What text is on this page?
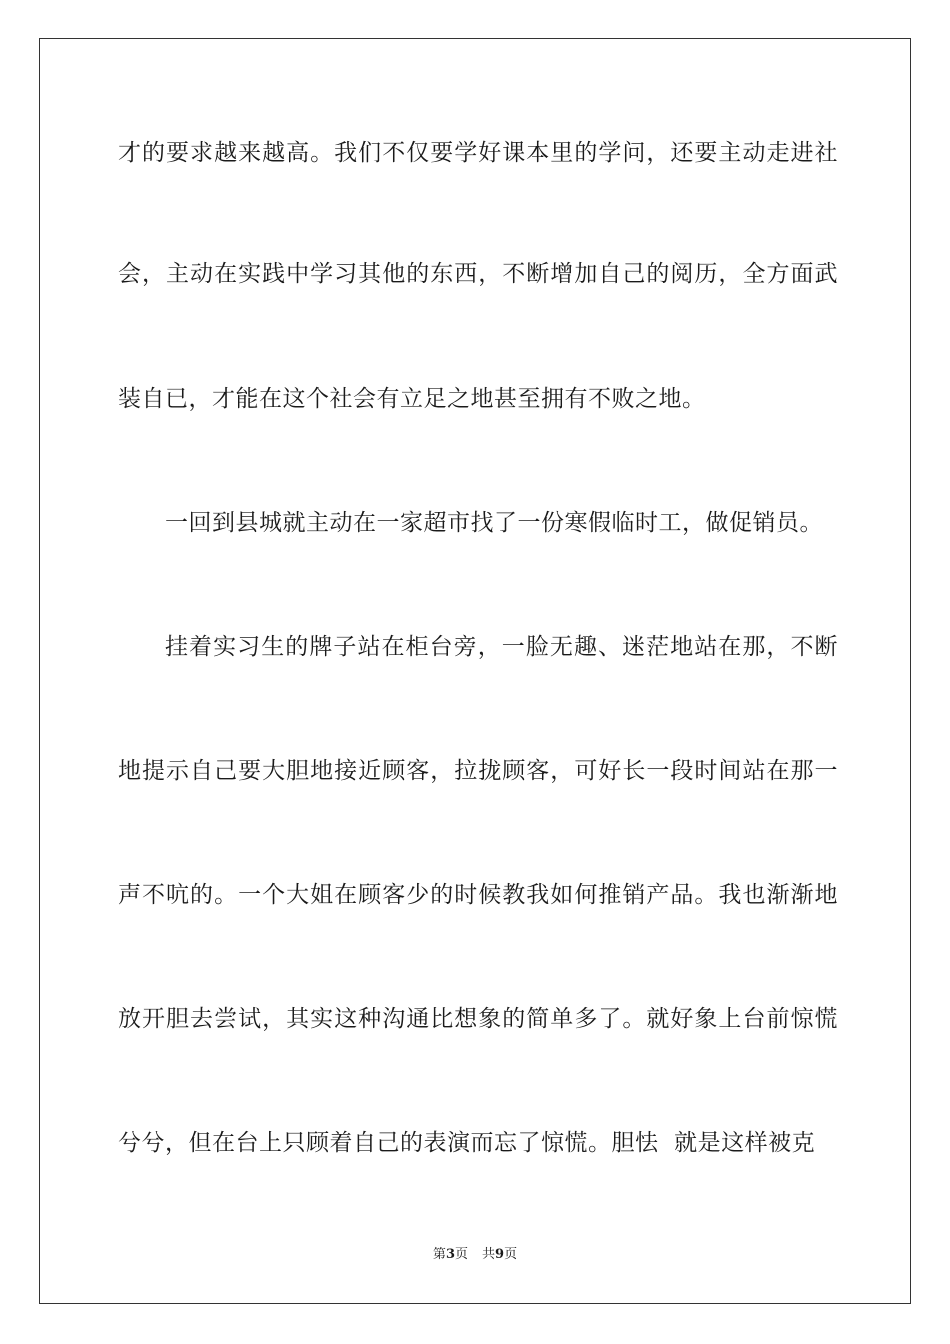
才的要求越来越高。我们不仅要学好课本里的学问，还要主动走进社
会，主动在实践中学习其他的东西，不断增加自己的阅历，全方面武
装自已，才能在这个社会有立足之地甚至拥有不败之地。
一回到县城就主动在一家超市找了一份寒假临时工，做促销员。
挂着实习生的牌子站在柜台旁，一脸无趣、迷茫地站在那，不断
地提示自己要大胆地接近顾客，拉拢顾客，可好长一段时间站在那一
声不吭的。一个大姐在顾客少的时候教我如何推销产品。我也渐渐地
放开胆去尝试，其实这种沟通比想象的简单多了。就好象上台前惊慌
兮兮，但在台上只顾着自己的表演而忘了惊慌。胆怯  就是这样被克
第3页 共9页
